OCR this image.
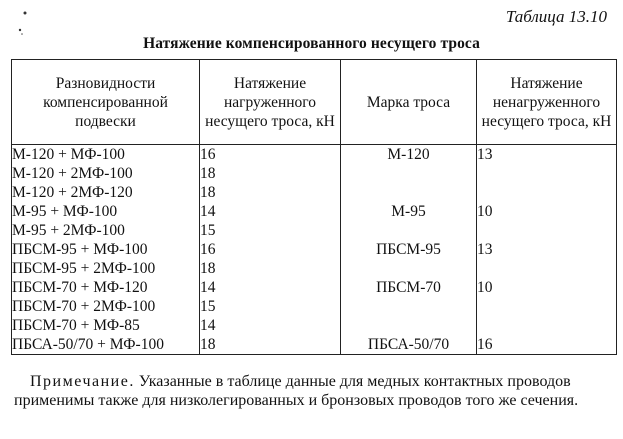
Таблица 13.10
Натяжение компенсированного несущего троса
Разновидности компенсированной подвески	Натяжение нагруженного несущего троса, кН	Марка троса	Натяжение ненагруженного несущего троса, кН
М-120 + МФ-100	16	М-120	13
М-120 + 2МФ-100	18		
М-120 + 2МФ-120	18		
М-95 + МФ-100	14	М-95	10
М-95 + 2МФ-100	15		
ПБСМ-95 + МФ-100	16	ПБСМ-95	13
ПБСМ-95 + 2МФ-100	18		
ПБСМ-70 + МФ-120	14	ПБСМ-70	10
ПБСМ-70 + 2МФ-100	15		
ПБСМ-70 + МФ-85	14		
ПБСА-50/70 + МФ-100	18	ПБСА-50/70	16

Примечание. Указанные в таблице данные для медных контактных проводов применимы также для низколегированных и бронзовых проводов того же сечения.
